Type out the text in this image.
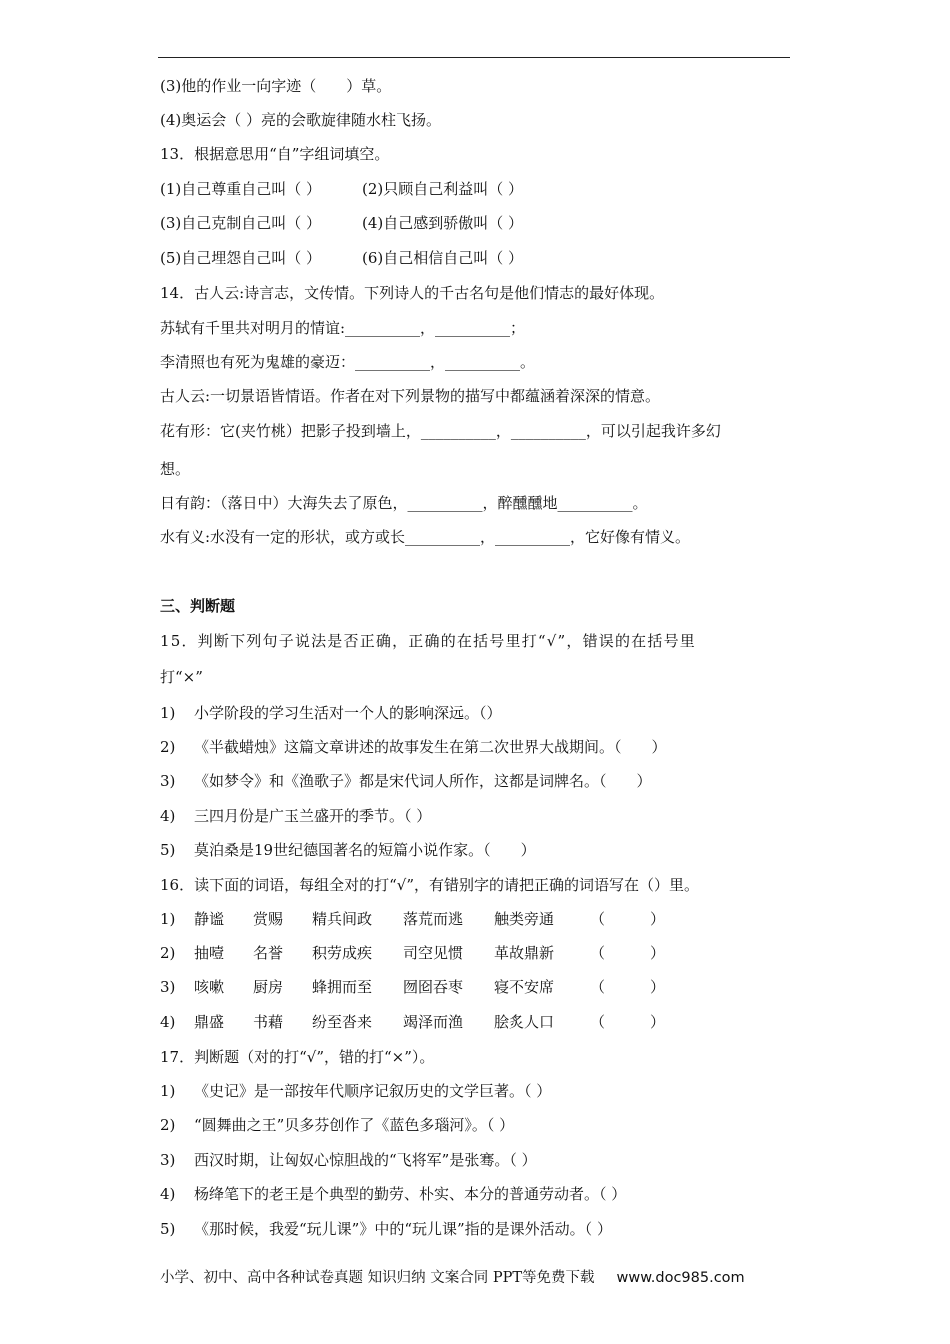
(3)他的作业一向字迹（　　）草。
(4)奥运会（ ）亮的会歌旋律随水柱飞扬。
13．根据意思用“自”字组词填空。
(1)自己尊重自己叫（ ）	(2)只顾自己利益叫（ ）
(3)自己克制自己叫（ ）	(4)自己感到骄傲叫（ ）
(5)自己埋怨自己叫（ ）	(6)自己相信自己叫（ ）
14．古人云:诗言志，文传情。下列诗人的千古名句是他们情志的最好体现。
苏轼有千里共对明月的情谊:__________，__________；
李清照也有死为鬼雄的豪迈：__________，__________。
古人云:一切景语皆情语。作者在对下列景物的描写中都蕴涵着深深的情意。
花有形：它(夹竹桃）把影子投到墙上，__________，__________，可以引起我许多幻
想。
日有韵：（落日中）大海失去了原色，__________，醉醺醺地__________。
水有义:水没有一定的形状，或方或长__________，__________，它好像有情义。
三、判断题
15．判断下列句子说法是否正确，正确的在括号里打“√”，错误的在括号里
打“×”
1) 小学阶段的学习生活对一个人的影响深远。（）
2) 《半截蜡烛》这篇文章讲述的故事发生在第二次世界大战期间。（　　）
3) 《如梦令》和《渔歌子》都是宋代词人所作，这都是词牌名。（　　）
4) 三四月份是广玉兰盛开的季节。（ ）
5) 莫泊桑是19世纪德国著名的短篇小说作家。（　　）
16．读下面的词语，每组全对的打“√”，有错别字的请把正确的词语写在（）里。
1) 静谧 赏赐 精兵间政 落荒而逃 触类旁通 （　　　）
2) 抽噎 名誉 积劳成疾 司空见惯 革故鼎新 （　　　）
3) 咳嗽 厨房 蜂拥而至 囫囵吞枣 寝不安席 （　　　）
4) 鼎盛 书藉 纷至沓来 竭泽而渔 脍炙人口 （　　　）
17．判断题（对的打“√”，错的打“×”）。
1) 《史记》是一部按年代顺序记叙历史的文学巨著。（ ）
2) “圆舞曲之王”贝多芬创作了《蓝色多瑙河》。（ ）
3) 西汉时期，让匈奴心惊胆战的“飞将军”是张骞。（ ）
4) 杨绛笔下的老王是个典型的勤劳、朴实、本分的普通劳动者。（ ）
5) 《那时候，我爱“玩儿课”》中的“玩儿课”指的是课外活动。（ ）
小学、初中、高中各种试卷真题 知识归纳 文案合同 PPT等免费下载 www.doc985.com
